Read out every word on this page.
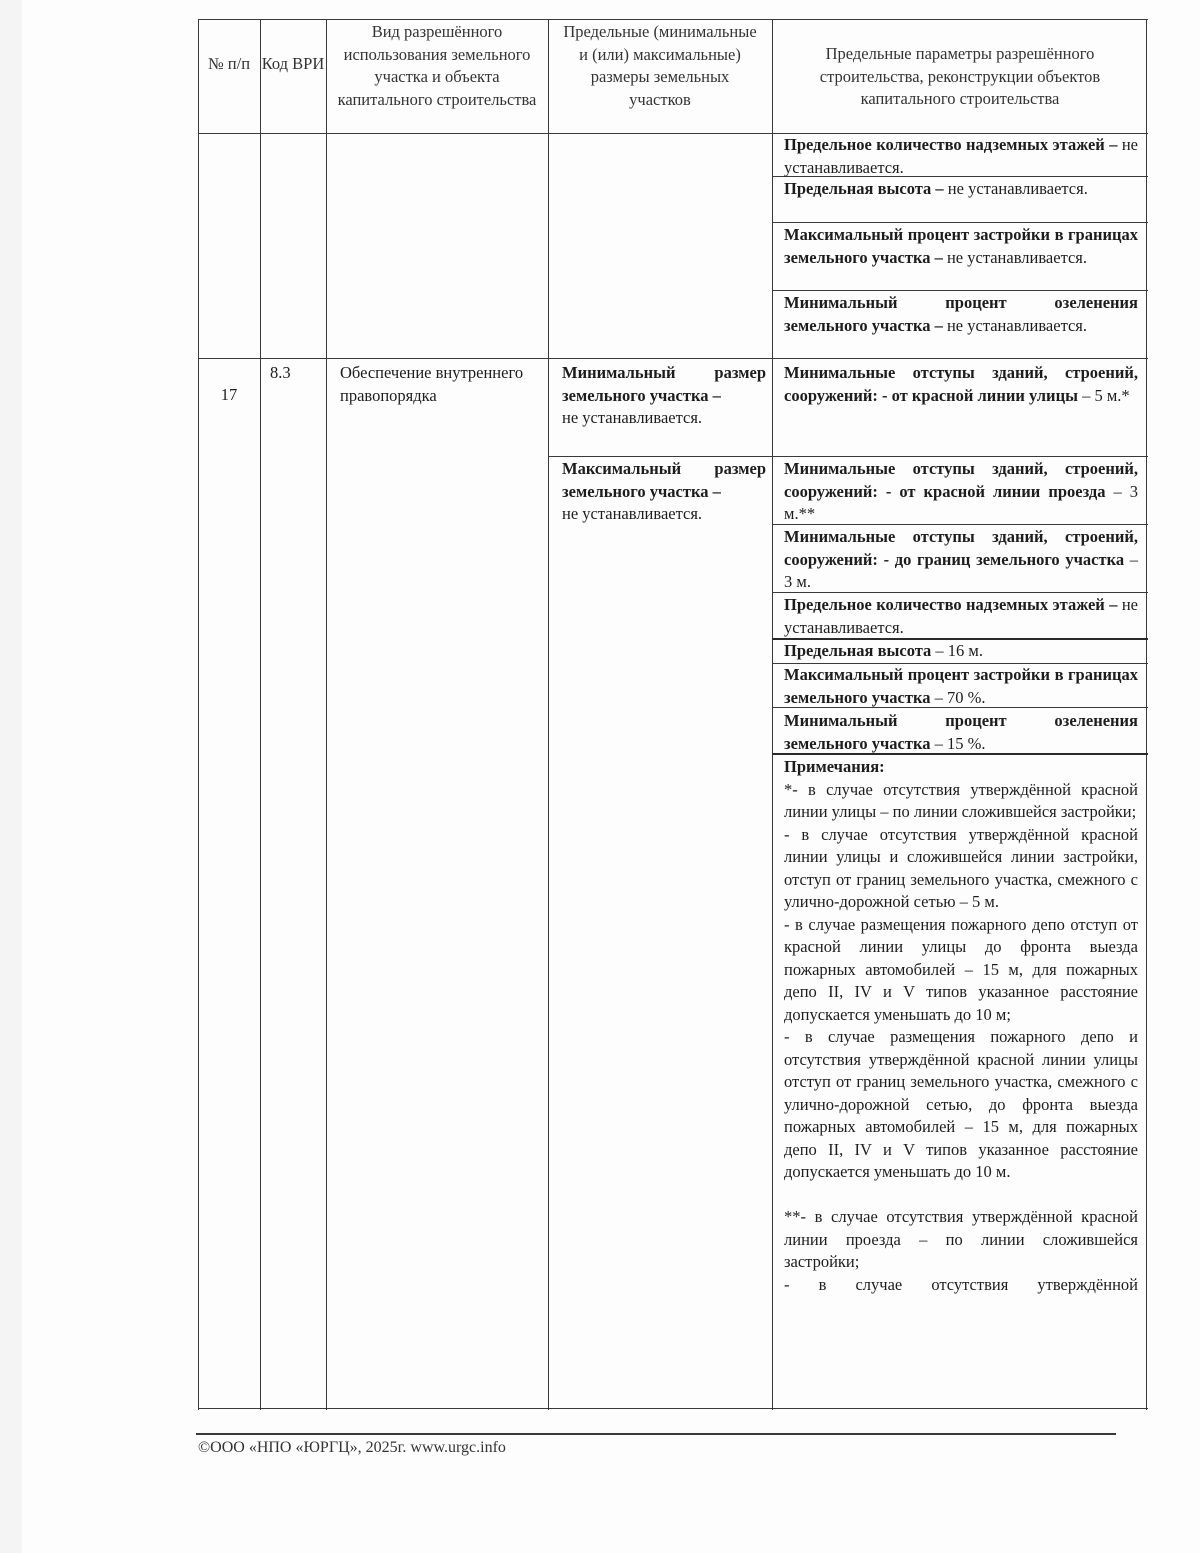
№ п/п Код ВРИ
Вид разрешённого использования земельного участка и объекта капитального строительства
Предельные (минимальные и (или) максимальные) размеры земельных участков
Предельные параметры разрешённого строительства, реконструкции объектов капитального строительства
Предельное количество надземных этажей – не устанавливается.
Предельная высота – не устанавливается.
Максимальный процент застройки в границах земельного участка – не устанавливается.
Минимальный процент озеленения земельного участка – не устанавливается.
17
8.3	Обеспечение внутреннего правопорядка
Минимальный размер земельного участка –
не устанавливается.
Максимальный размер земельного участка –
не устанавливается.
Минимальные отступы зданий, строений, сооружений: - от красной линии улицы – 5 м.*
Минимальные отступы зданий, строений, сооружений: - от красной линии проезда – 3 м.**
Минимальные отступы зданий, строений, сооружений: - до границ земельного участка – 3 м.
Предельное количество надземных этажей – не устанавливается.
Предельная высота – 16 м.
Максимальный процент застройки в границах земельного участка – 70 %.
Минимальный процент озеленения земельного участка – 15 %.
Примечания:

*- в случае отсутствия утверждённой красной линии улицы – по линии сложившейся застройки;

- в случае отсутствия утверждённой красной линии улицы и сложившейся линии застройки, отступ от границ земельного участка, смежного с улично-дорожной сетью – 5 м.

- в случае размещения пожарного депо отступ от красной линии улицы до фронта выезда пожарных автомобилей – 15 м, для пожарных депо II, IV и V типов указанное расстояние допускается уменьшать до 10 м;

- в случае размещения пожарного депо и отсутствия утверждённой красной линии улицы отступ от границ земельного участка, смежного с улично-дорожной сетью, до фронта выезда пожарных автомобилей – 15 м, для пожарных депо II, IV и V типов указанное расстояние допускается уменьшать до 10 м.

**- в случае отсутствия утверждённой красной линии проезда – по линии сложившейся застройки;

- в случае отсутствия утверждённой

©ООО «НПО «ЮРГЦ», 2025г. www.urgc.info
